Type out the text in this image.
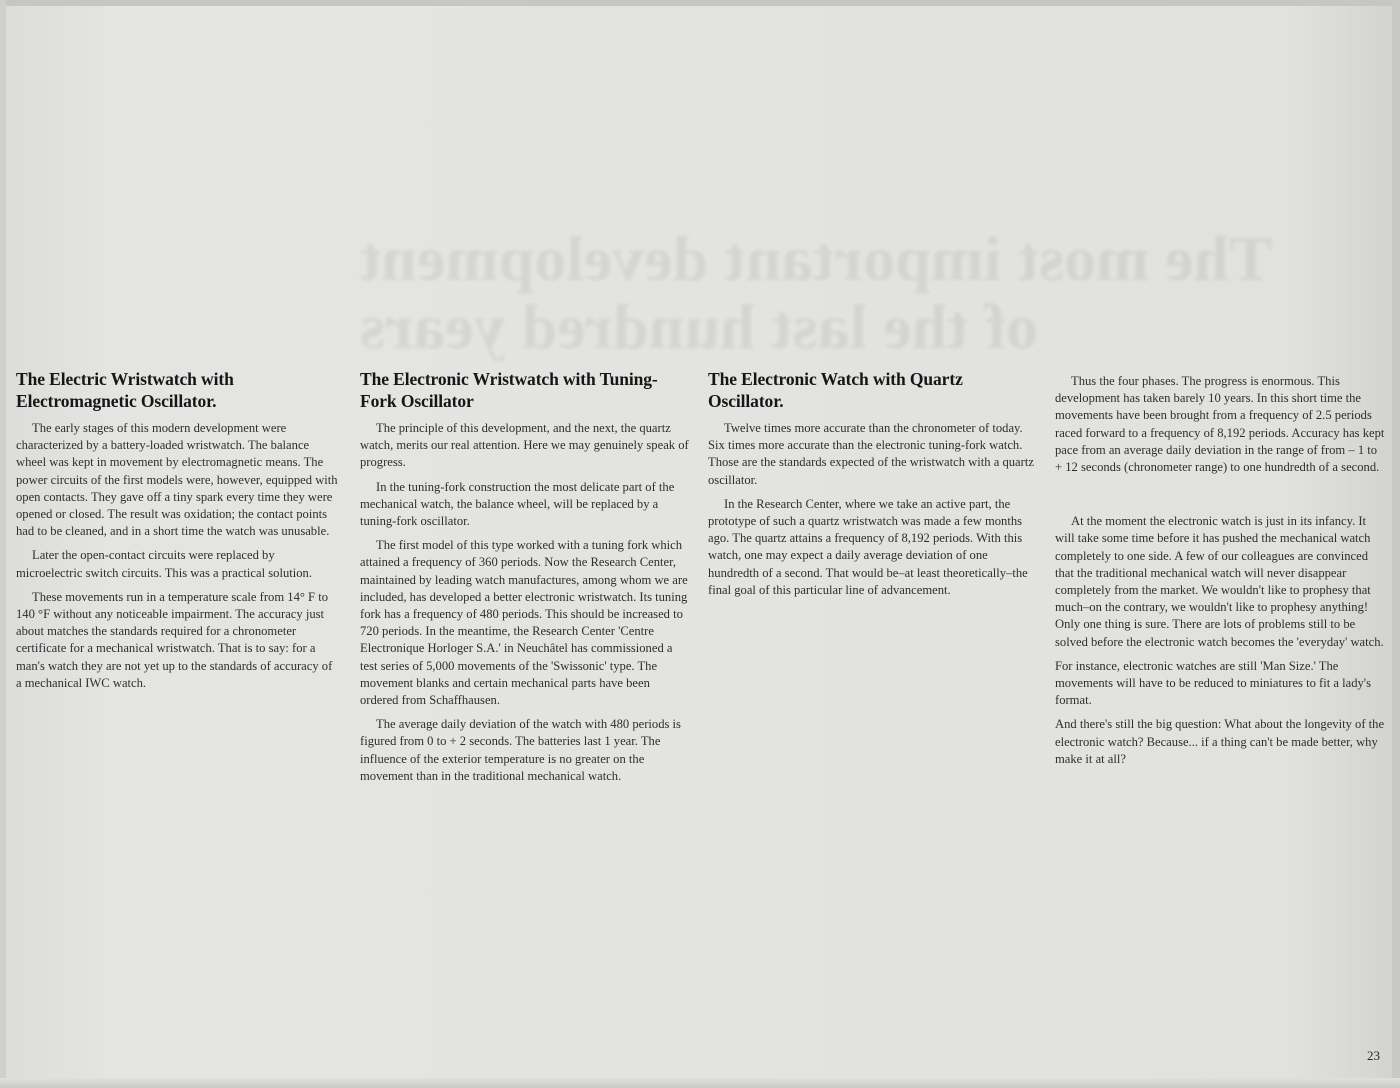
The most important development of the last hundred years
The Electric Wristwatch with Electromagnetic Oscillator.

The early stages of this modern development were characterized by a battery-loaded wristwatch. The balance wheel was kept in movement by electromagnetic means. The power circuits of the first models were, however, equipped with open contacts. They gave off a tiny spark every time they were opened or closed. The result was oxidation; the contact points had to be cleaned, and in a short time the watch was unusable.

Later the open-contact circuits were replaced by microelectric switch circuits. This was a practical solution.

These movements run in a temperature scale from 14° F to 140 °F without any noticeable impairment. The accuracy just about matches the standards required for a chronometer certificate for a mechanical wristwatch. That is to say: for a man's watch they are not yet up to the standards of accuracy of a mechanical IWC watch.

The Electronic Wristwatch with Tuning-Fork Oscillator

The principle of this development, and the next, the quartz watch, merits our real attention. Here we may genuinely speak of progress.

In the tuning-fork construction the most delicate part of the mechanical watch, the balance wheel, will be replaced by a tuning-fork oscillator.

The first model of this type worked with a tuning fork which attained a frequency of 360 periods. Now the Research Center, maintained by leading watch manufactures, among whom we are included, has developed a better electronic wristwatch. Its tuning fork has a frequency of 480 periods. This should be increased to 720 periods. In the meantime, the Research Center 'Centre Electronique Horloger S.A.' in Neuchâtel has commissioned a test series of 5,000 movements of the 'Swissonic' type. The movement blanks and certain mechanical parts have been ordered from Schaffhausen.

The average daily deviation of the watch with 480 periods is figured from 0 to + 2 seconds. The batteries last 1 year. The influence of the exterior temperature is no greater on the movement than in the traditional mechanical watch.

The Electronic Watch with Quartz Oscillator.

Twelve times more accurate than the chronometer of today. Six times more accurate than the electronic tuning-fork watch. Those are the standards expected of the wristwatch with a quartz oscillator.

In the Research Center, where we take an active part, the prototype of such a quartz wristwatch was made a few months ago. The quartz attains a frequency of 8,192 periods. With this watch, one may expect a daily average deviation of one hundredth of a second. That would be–at least theoretically–the final goal of this particular line of advancement.

Thus the four phases. The progress is enormous. This development has taken barely 10 years. In this short time the movements have been brought from a frequency of 2.5 periods raced forward to a frequency of 8,192 periods. Accuracy has kept pace from an average daily deviation in the range of from – 1 to + 12 seconds (chronometer range) to one hundredth of a second.

At the moment the electronic watch is just in its infancy. It will take some time before it has pushed the mechanical watch completely to one side. A few of our colleagues are convinced that the traditional mechanical watch will never disappear completely from the market. We wouldn't like to prophesy that much–on the contrary, we wouldn't like to prophesy anything! Only one thing is sure. There are lots of problems still to be solved before the electronic watch becomes the 'everyday' watch.

For instance, electronic watches are still 'Man Size.' The movements will have to be reduced to miniatures to fit a lady's format.

And there's still the big question: What about the longevity of the electronic watch? Because... if a thing can't be made better, why make it at all?

23
